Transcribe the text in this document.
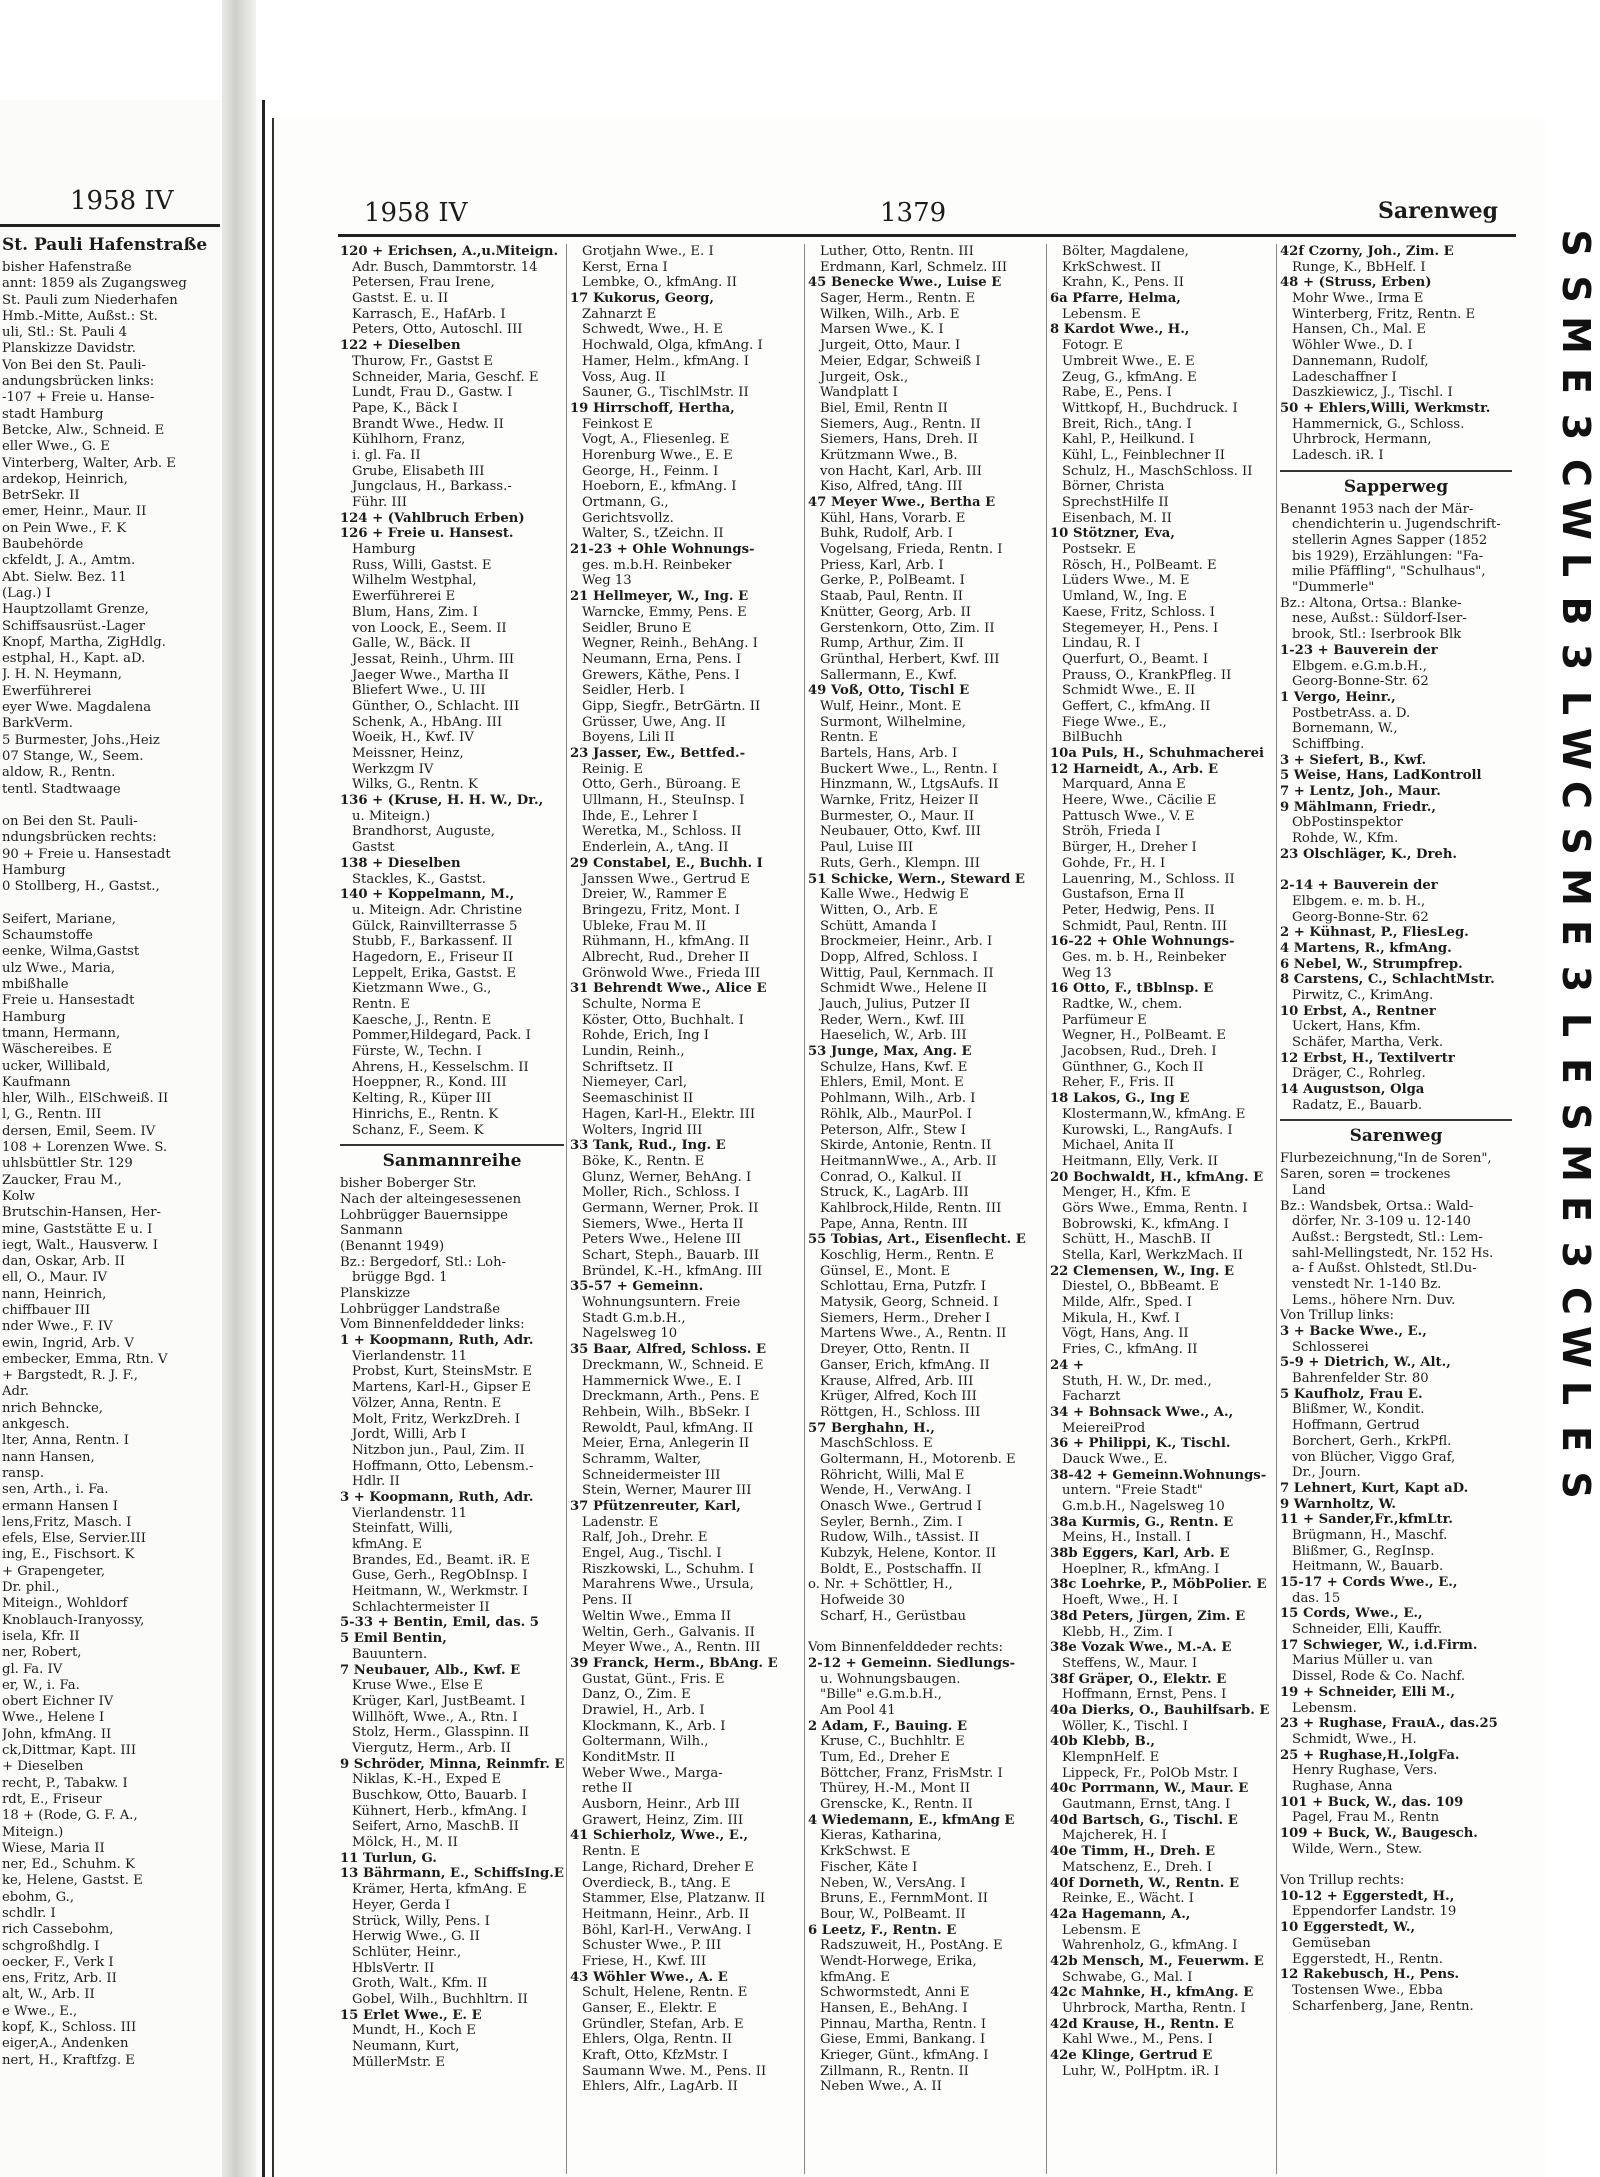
1958 IV
St. Pauli Hafenstraße
bisher Hafenstraße
annt: 1859 als Zugangsweg
St. Pauli zum Niederhafen
Hmb.-Mitte, Außst.: St.
uli, Stl.: St. Pauli 4
Planskizze Davidstr.
Von Bei den St. Pauli-
andungsbrücken links:
-107 + Freie u. Hanse-
stadt Hamburg
Betcke, Alw., Schneid. E
eller Wwe., G. E
Vinterberg, Walter, Arb. E
ardekop, Heinrich,
BetrSekr. II
emer, Heinr., Maur. II
on Pein Wwe., F. K
Baubehörde
ckfeldt, J. A., Amtm.
Abt. Sielw. Bez. 11
(Lag.) I
Hauptzollamt Grenze,
Schiffsausrüst.-Lager
Knopf, Martha, ZigHdlg.
estphal, H., Kapt. aD.
J. H. N. Heymann,
Ewerführerei
eyer Wwe. Magdalena
BarkVerm.
5 Burmester, Johs.,Heiz
07 Stange, W., Seem.
aldow, R., Rentn.
tentl. Stadtwaage
on Bei den St. Pauli-
ndungsbrücken rechts:
90 + Freie u. Hansestadt
Hamburg
0 Stollberg, H., Gastst.,
Seifert, Mariane,
Schaumstoffe
eenke, Wilma,Gastst
ulz Wwe., Maria,
mbißhalle
Freie u. Hansestadt
Hamburg
tmann, Hermann,
Wäschereibes. E
ucker, Willibald,
Kaufmann
hler, Wilh., ElSchweiß. II
l, G., Rentn. III
dersen, Emil, Seem. IV
108 + Lorenzen Wwe. S.
uhlsbüttler Str. 129
Zaucker, Frau M.,
Kolw
Brutschin-Hansen, Her-
mine, Gaststätte E u. I
iegt, Walt., Hausverw. I
dan, Oskar, Arb. II
ell, O., Maur. IV
nann, Heinrich,
chiffbauer III
nder Wwe., F. IV
ewin, Ingrid, Arb. V
embecker, Emma, Rtn. V
+ Bargstedt, R. J. F.,
Adr.
nrich Behncke,
ankgesch.
lter, Anna, Rentn. I
nann Hansen,
ransp.
sen, Arth., i. Fa.
ermann Hansen I
lens,Fritz, Masch. I
efels, Else, Servier.III
ing, E., Fischsort. K
+ Grapengeter,
Dr. phil.,
Miteign., Wohldorf
Knoblauch-Iranyossy,
isela, Kfr. II
ner, Robert,
gl. Fa. IV
er, W., i. Fa.
obert Eichner IV
Wwe., Helene I
John, kfmAng. II
ck,Dittmar, Kapt. III
+ Dieselben
recht, P., Tabakw. I
rdt, E., Friseur
18 + (Rode, G. F. A.,
Miteign.)
Wiese, Maria II
ner, Ed., Schuhm. K
ke, Helene, Gastst. E
ebohm, G.,
schdlr. I
rich Cassebohm,
schgroßhdlg. I
oecker, F., Verk I
ens, Fritz, Arb. II
alt, W., Arb. II
e Wwe., E.,
kopf, K., Schloss. III
eiger,A., Andenken
nert, H., Kraftfzg. E
1958 IV	1379	Sarenweg
120 + Erichsen, A.,u.Miteign.
Adr. Busch, Dammtorstr. 14
Petersen, Frau Irene,
Gastst. E. u. II
Karrasch, E., HafArb. I
Peters, Otto, Autoschl. III
122 + Dieselben
Thurow, Fr., Gastst E
Schneider, Maria, Geschf. E
Lundt, Frau D., Gastw. I
Pape, K., Bäck I
Brandt Wwe., Hedw. II
Kühlhorn, Franz,
i. gl. Fa. II
Grube, Elisabeth III
Jungclaus, H., Barkass.-
Führ. III
124 + (Vahlbruch Erben)
126 + Freie u. Hansest.
Hamburg
Russ, Willi, Gastst. E
Wilhelm Westphal,
Ewerführerei E
Blum, Hans, Zim. I
von Loock, E., Seem. II
Galle, W., Bäck. II
Jessat, Reinh., Uhrm. III
Jaeger Wwe., Martha II
Bliefert Wwe., U. III
Günther, O., Schlacht. III
Schenk, A., HbAng. III
Woeik, H., Kwf. IV
Meissner, Heinz,
Werkzgm IV
Wilks, G., Rentn. K
136 + (Kruse, H. H. W., Dr.,
u. Miteign.)
Brandhorst, Auguste,
Gastst
138 + Dieselben
Stackles, K., Gastst.
140 + Koppelmann, M.,
u. Miteign. Adr. Christine
Gülck, Rainvillterrasse 5
Stubb, F., Barkassenf. II
Hagedorn, E., Friseur II
Leppelt, Erika, Gastst. E
Kietzmann Wwe., G.,
Rentn. E
Kaesche, J., Rentn. E
Pommer,Hildegard, Pack. I
Fürste, W., Techn. I
Ahrens, H., Kesselschm. II
Hoeppner, R., Kond. III
Kelting, R., Küper III
Hinrichs, E., Rentn. K
Schanz, F., Seem. K
Sanmannreihe
bisher Boberger Str.
Nach der alteingesessenen
Lohbrügger Bauernsippe
Sanmann
(Benannt 1949)
Bz.: Bergedorf, Stl.: Loh-
brügge Bgd. 1
Planskizze
Lohbrügger Landstraße
Vom Binnenfelddeder links:
1 + Koopmann, Ruth, Adr.
Vierlandenstr. 11
Probst, Kurt, SteinsMstr. E
Martens, Karl-H., Gipser E
Völzer, Anna, Rentn. E
Molt, Fritz, WerkzDreh. I
Jordt, Willi, Arb I
Nitzbon jun., Paul, Zim. II
Hoffmann, Otto, Lebensm.-
Hdlr. II
3 + Koopmann, Ruth, Adr.
Vierlandenstr. 11
Steinfatt, Willi,
kfmAng. E
Brandes, Ed., Beamt. iR. E
Guse, Gerh., RegObInsp. I
Heitmann, W., Werkmstr. I
Schlachtermeister II
5-33 + Bentin, Emil, das. 5
5 Emil Bentin,
Bauuntern.
7 Neubauer, Alb., Kwf. E
Kruse Wwe., Else E
Krüger, Karl, JustBeamt. I
Willhöft, Wwe., A., Rtn. I
Stolz, Herm., Glasspinn. II
Viergutz, Herm., Arb. II
9 Schröder, Minna, Reinmfr. E
Niklas, K.-H., Exped E
Buschkow, Otto, Bauarb. I
Kühnert, Herb., kfmAng. I
Seifert, Arno, MaschB. II
Mölck, H., M. II
11 Turlun, G.
13 Bährmann, E., SchiffsIng.E
Krämer, Herta, kfmAng. E
Heyer, Gerda I
Strück, Willy, Pens. I
Herwig Wwe., G. II
Schlüter, Heinr.,
HblsVertr. II
Groth, Walt., Kfm. II
Gobel, Wilh., Buchhltrn. II
15 Erlet Wwe., E. E
Mundt, H., Koch E
Neumann, Kurt,
MüllerMstr. E
Grotjahn Wwe., E. I
Kerst, Erna I
Lembke, O., kfmAng. II
17 Kukorus, Georg,
Zahnarzt E
Schwedt, Wwe., H. E
Hochwald, Olga, kfmAng. I
Hamer, Helm., kfmAng. I
Voss, Aug. II
Sauner, G., TischlMstr. II
19 Hirrschoff, Hertha,
Feinkost E
Vogt, A., Fliesenleg. E
Horenburg Wwe., E. E
George, H., Feinm. I
Hoeborn, E., kfmAng. I
Ortmann, G.,
Gerichtsvollz.
Walter, S., tZeichn. II
21-23 + Ohle Wohnungs-
ges. m.b.H. Reinbeker
Weg 13
21 Hellmeyer, W., Ing. E
Warncke, Emmy, Pens. E
Seidler, Bruno E
Wegner, Reinh., BehAng. I
Neumann, Erna, Pens. I
Grewers, Käthe, Pens. I
Seidler, Herb. I
Gipp, Siegfr., BetrGärtn. II
Grüsser, Uwe, Ang. II
Boyens, Lili II
23 Jasser, Ew., Bettfed.-
Reinig. E
Otto, Gerh., Büroang. E
Ullmann, H., SteuInsp. I
Ihde, E., Lehrer I
Weretka, M., Schloss. II
Enderlein, A., tAng. II
29 Constabel, E., Buchh. I
Janssen Wwe., Gertrud E
Dreier, W., Rammer E
Bringezu, Fritz, Mont. I
Ubleke, Frau M. II
Rühmann, H., kfmAng. II
Albrecht, Rud., Dreher II
Grönwold Wwe., Frieda III
31 Behrendt Wwe., Alice E
Schulte, Norma E
Köster, Otto, Buchhalt. I
Rohde, Erich, Ing I
Lundin, Reinh.,
Schriftsetz. II
Niemeyer, Carl,
Seemaschinist II
Hagen, Karl-H., Elektr. III
Wolters, Ingrid III
33 Tank, Rud., Ing. E
Böke, K., Rentn. E
Glunz, Werner, BehAng. I
Moller, Rich., Schloss. I
Germann, Werner, Prok. II
Siemers, Wwe., Herta II
Peters Wwe., Helene III
Schart, Steph., Bauarb. III
Bründel, K.-H., kfmAng. III
35-57 + Gemeinn.
Wohnungsuntern. Freie
Stadt G.m.b.H.,
Nagelsweg 10
35 Baar, Alfred, Schloss. E
Dreckmann, W., Schneid. E
Hammernick Wwe., E. I
Dreckmann, Arth., Pens. E
Rehbein, Wilh., BbSekr. I
Rewoldt, Paul, kfmAng. II
Meier, Erna, Anlegerin II
Schramm, Walter,
Schneidermeister III
Stein, Werner, Maurer III
37 Pfützenreuter, Karl,
Ladenstr. E
Ralf, Joh., Drehr. E
Engel, Aug., Tischl. I
Riszkowski, L., Schuhm. I
Marahrens Wwe., Ursula,
Pens. II
Weltin Wwe., Emma II
Weltin, Gerh., Galvanis. II
Meyer Wwe., A., Rentn. III
39 Franck, Herm., BbAng. E
Gustat, Günt., Fris. E
Danz, O., Zim. E
Drawiel, H., Arb. I
Klockmann, K., Arb. I
Goltermann, Wilh.,
KonditMstr. II
Weber Wwe., Marga-
rethe II
Ausborn, Heinr., Arb III
Grawert, Heinz, Zim. III
41 Schierholz, Wwe., E.,
Rentn. E
Lange, Richard, Dreher E
Overdieck, B., tAng. E
Stammer, Else, Platzanw. II
Heitmann, Heinr., Arb. II
Böhl, Karl-H., VerwAng. I
Schuster Wwe., P. III
Friese, H., Kwf. III
43 Wöhler Wwe., A. E
Schult, Helene, Rentn. E
Ganser, E., Elektr. E
Gründler, Stefan, Arb. E
Ehlers, Olga, Rentn. II
Kraft, Otto, KfzMstr. I
Saumann Wwe. M., Pens. II
Ehlers, Alfr., LagArb. II
Luther, Otto, Rentn. III
Erdmann, Karl, Schmelz. III
45 Benecke Wwe., Luise E
Sager, Herm., Rentn. E
Wilken, Wilh., Arb. E
Marsen Wwe., K. I
Jurgeit, Otto, Maur. I
Meier, Edgar, Schweiß I
Jurgeit, Osk.,
Wandplatt I
Biel, Emil, Rentn II
Siemers, Aug., Rentn. II
Siemers, Hans, Dreh. II
Krützmann Wwe., B.
von Hacht, Karl, Arb. III
Kiso, Alfred, tAng. III
47 Meyer Wwe., Bertha E
Kühl, Hans, Vorarb. E
Buhk, Rudolf, Arb. I
Vogelsang, Frieda, Rentn. I
Priess, Karl, Arb. I
Gerke, P., PolBeamt. I
Staab, Paul, Rentn. II
Knütter, Georg, Arb. II
Gerstenkorn, Otto, Zim. II
Rump, Arthur, Zim. II
Grünthal, Herbert, Kwf. III
Sallermann, E., Kwf.
49 Voß, Otto, Tischl E
Wulf, Heinr., Mont. E
Surmont, Wilhelmine,
Rentn. E
Bartels, Hans, Arb. I
Buckert Wwe., L., Rentn. I
Hinzmann, W., LtgsAufs. II
Warnke, Fritz, Heizer II
Burmester, O., Maur. II
Neubauer, Otto, Kwf. III
Paul, Luise III
Ruts, Gerh., Klempn. III
51 Schicke, Wern., Steward E
Kalle Wwe., Hedwig E
Witten, O., Arb. E
Schütt, Amanda I
Brockmeier, Heinr., Arb. I
Dopp, Alfred, Schloss. I
Wittig, Paul, Kernmach. II
Schmidt Wwe., Helene II
Jauch, Julius, Putzer II
Reder, Wern., Kwf. III
Haeselich, W., Arb. III
53 Junge, Max, Ang. E
Schulze, Hans, Kwf. E
Ehlers, Emil, Mont. E
Pohlmann, Wilh., Arb. I
Röhlk, Alb., MaurPol. I
Peterson, Alfr., Stew I
Skirde, Antonie, Rentn. II
HeitmannWwe., A., Arb. II
Conrad, O., Kalkul. II
Struck, K., LagArb. III
Kahlbrock,Hilde, Rentn. III
Pape, Anna, Rentn. III
55 Tobias, Art., Eisenflecht. E
Koschlig, Herm., Rentn. E
Günsel, E., Mont. E
Schlottau, Erna, Putzfr. I
Matysik, Georg, Schneid. I
Siemers, Herm., Dreher I
Martens Wwe., A., Rentn. II
Dreyer, Otto, Rentn. II
Ganser, Erich, kfmAng. II
Krause, Alfred, Arb. III
Krüger, Alfred, Koch III
Röttgen, H., Schloss. III
57 Berghahn, H.,
MaschSchloss. E
Goltermann, H., Motorenb. E
Röhricht, Willi, Mal E
Wende, H., VerwAng. I
Onasch Wwe., Gertrud I
Seyler, Bernh., Zim. I
Rudow, Wilh., tAssist. II
Kubzyk, Helene, Kontor. II
Boldt, E., Postschaffn. II
o. Nr. + Schöttler, H.,
Hofweide 30
Scharf, H., Gerüstbau
Vom Binnenfelddeder rechts:
2-12 + Gemeinn. Siedlungs-
u. Wohnungsbaugen.
"Bille" e.G.m.b.H.,
Am Pool 41
2 Adam, F., Bauing. E
Kruse, C., Buchhltr. E
Tum, Ed., Dreher E
Böttcher, Franz, FrisMstr. I
Thürey, H.-M., Mont II
Grenscke, K., Rentn. II
4 Wiedemann, E., kfmAng E
Kieras, Katharina,
KrkSchwst. E
Fischer, Käte I
Neben, W., VersAng. I
Bruns, E., FernmMont. II
Bour, W., PolBeamt. II
6 Leetz, F., Rentn. E
Radszuweit, H., PostAng. E
Wendt-Horwege, Erika,
kfmAng. E
Schwormstedt, Anni E
Hansen, E., BehAng. I
Pinnau, Martha, Rentn. I
Giese, Emmi, Bankang. I
Krieger, Günt., kfmAng. I
Zillmann, R., Rentn. II
Neben Wwe., A. II
Bölter, Magdalene,
KrkSchwest. II
Krahn, K., Pens. II
6a Pfarre, Helma,
Lebensm. E
8 Kardot Wwe., H.,
Fotogr. E
Umbreit Wwe., E. E
Zeug, G., kfmAng. E
Rabe, E., Pens. I
Wittkopf, H., Buchdruck. I
Breit, Rich., tAng. I
Kahl, P., Heilkund. I
Kühl, L., Feinblechner II
Schulz, H., MaschSchloss. II
Börner, Christa
SprechstHilfe II
Eisenbach, M. II
10 Stötzner, Eva,
Postsekr. E
Rösch, H., PolBeamt. E
Lüders Wwe., M. E
Umland, W., Ing. E
Kaese, Fritz, Schloss. I
Stegemeyer, H., Pens. I
Lindau, R. I
Querfurt, O., Beamt. I
Prauss, O., KrankPfleg. II
Schmidt Wwe., E. II
Geffert, C., kfmAng. II
Fiege Wwe., E.,
BilBuchh
10a Puls, H., Schuhmacherei
12 Harneidt, A., Arb. E
Marquard, Anna E
Heere, Wwe., Cäcilie E
Pattusch Wwe., V. E
Ströh, Frieda I
Bürger, H., Dreher I
Gohde, Fr., H. I
Lauenring, M., Schloss. II
Gustafson, Erna II
Peter, Hedwig, Pens. II
Schmidt, Paul, Rentn. III
16-22 + Ohle Wohnungs-
Ges. m. b. H., Reinbeker
Weg 13
16 Otto, F., tBblnsp. E
Radtke, W., chem.
Parfümeur E
Wegner, H., PolBeamt. E
Jacobsen, Rud., Dreh. I
Günthner, G., Koch II
Reher, F., Fris. II
18 Lakos, G., Ing E
Klostermann,W., kfmAng. E
Kurowski, L., RangAufs. I
Michael, Anita II
Heitmann, Elly, Verk. II
20 Bochwaldt, H., kfmAng. E
Menger, H., Kfm. E
Görs Wwe., Emma, Rentn. I
Bobrowski, K., kfmAng. I
Schütt, H., MaschB. II
Stella, Karl, WerkzMach. II
22 Clemensen, W., Ing. E
Diestel, O., BbBeamt. E
Milde, Alfr., Sped. I
Mikula, H., Kwf. I
Vögt, Hans, Ang. II
Fries, C., kfmAng. II
24 +
Stuth, H. W., Dr. med.,
Facharzt
34 + Bohnsack Wwe., A.,
MeiereiProd
36 + Philippi, K., Tischl.
Dauck Wwe., E.
38-42 + Gemeinn.Wohnungs-
untern. "Freie Stadt"
G.m.b.H., Nagelsweg 10
38a Kurmis, G., Rentn. E
Meins, H., Install. I
38b Eggers, Karl, Arb. E
Hoeplner, R., kfmAng. I
38c Loehrke, P., MöbPolier. E
Hoeft, Wwe., H. I
38d Peters, Jürgen, Zim. E
Klebb, H., Zim. I
38e Vozak Wwe., M.-A. E
Steffens, W., Maur. I
38f Gräper, O., Elektr. E
Hoffmann, Ernst, Pens. I
40a Dierks, O., Bauhilfsarb. E
Wöller, K., Tischl. I
40b Klebb, B.,
KlempnHelf. E
Lippeck, Fr., PolOb Mstr. I
40c Porrmann, W., Maur. E
Gautmann, Ernst, tAng. I
40d Bartsch, G., Tischl. E
Majcherek, H. I
40e Timm, H., Dreh. E
Matschenz, E., Dreh. I
40f Dorneth, W., Rentn. E
Reinke, E., Wächt. I
42a Hagemann, A.,
Lebensm. E
Wahrenholz, G., kfmAng. I
42b Mensch, M., Feuerwm. E
Schwabe, G., Mal. I
42c Mahnke, H., kfmAng. E
Uhrbrock, Martha, Rentn. I
42d Krause, H., Rentn. E
Kahl Wwe., M., Pens. I
42e Klinge, Gertrud E
Luhr, W., PolHptm. iR. I
42f Czorny, Joh., Zim. E
Runge, K., BbHelf. I
48 + (Struss, Erben)
Mohr Wwe., Irma E
Winterberg, Fritz, Rentn. E
Hansen, Ch., Mal. E
Wöhler Wwe., D. I
Dannemann, Rudolf,
Ladeschaffner I
Daszkiewicz, J., Tischl. I
50 + Ehlers,Willi, Werkmstr.
Hammernick, G., Schloss.
Uhrbrock, Hermann,
Ladesch. iR. I
Sapperweg
Benannt 1953 nach der Mär-
chendichterin u. Jugendschrift-
stellerin Agnes Sapper (1852
bis 1929), Erzählungen: "Fa-
milie Pfäffling", "Schulhaus",
"Dummerle"
Bz.: Altona, Ortsa.: Blanke-
nese, Außst.: Süldorf-Iser-
brook, Stl.: Iserbrook Blk
1-23 + Bauverein der
Elbgem. e.G.m.b.H.,
Georg-Bonne-Str. 62
1 Vergo, Heinr.,
PostbetrAss. a. D.
Bornemann, W.,
Schiffbing.
3 + Siefert, B., Kwf.
5 Weise, Hans, LadKontroll
7 + Lentz, Joh., Maur.
9 Mählmann, Friedr.,
ObPostinspektor
Rohde, W., Kfm.
23 Olschläger, K., Dreh.
2-14 + Bauverein der
Elbgem. e. m. b. H.,
Georg-Bonne-Str. 62
2 + Kühnast, P., FliesLeg.
4 Martens, R., kfmAng.
6 Nebel, W., Strumpfrep.
8 Carstens, C., SchlachtMstr.
Pirwitz, C., KrimAng.
10 Erbst, A., Rentner
Uckert, Hans, Kfm.
Schäfer, Martha, Verk.
12 Erbst, H., Textilvertr
Dräger, C., Rohrleg.
14 Augustson, Olga
Radatz, E., Bauarb.
Sarenweg
Flurbezeichnung,"In de Soren",
Saren, soren = trockenes
Land
Bz.: Wandsbek, Ortsa.: Wald-
dörfer, Nr. 3-109 u. 12-140
Außst.: Bergstedt, Stl.: Lem-
sahl-Mellingstedt, Nr. 152 Hs.
a- f Außst. Ohlstedt, Stl.Du-
venstedt Nr. 1-140 Bz.
Lems., höhere Nrn. Duv.
Von Trillup links:
3 + Backe Wwe., E.,
Schlosserei
5-9 + Dietrich, W., Alt.,
Bahrenfelder Str. 80
5 Kaufholz, Frau E.
Blißmer, W., Kondit.
Hoffmann, Gertrud
Borchert, Gerh., KrkPfl.
von Blücher, Viggo Graf,
Dr., Journ.
7 Lehnert, Kurt, Kapt aD.
9 Warnholtz, W.
11 + Sander,Fr.,kfmLtr.
Brügmann, H., Maschf.
Blißmer, G., RegInsp.
Heitmann, W., Bauarb.
15-17 + Cords Wwe., E.,
das. 15
15 Cords, Wwe., E.,
Schneider, Elli, Kauffr.
17 Schwieger, W., i.d.Firm.
Marius Müller u. van
Dissel, Rode & Co. Nachf.
19 + Schneider, Elli M.,
Lebensm.
23 + Rughase, FrauA., das.25
Schmidt, Wwe., H.
25 + Rughase,H.,IolgFa.
Henry Rughase, Vers.
Rughase, Anna
101 + Buck, W., das. 109
Pagel, Frau M., Rentn
109 + Buck, W., Baugesch.
Wilde, Wern., Stew.
Von Trillup rechts:
10-12 + Eggerstedt, H.,
Eppendorfer Landstr. 19
10 Eggerstedt, W.,
Gemüseban
Eggerstedt, H., Rentn.
12 Rakebusch, H., Pens.
Tostensen Wwe., Ebba
Scharfenberg, Jane, Rentn.
S
S
M
E
3
C
W
L
B
3
L
W
C
S
M
E
3
L
E
S
M
E
3
C
W
L
E
S
